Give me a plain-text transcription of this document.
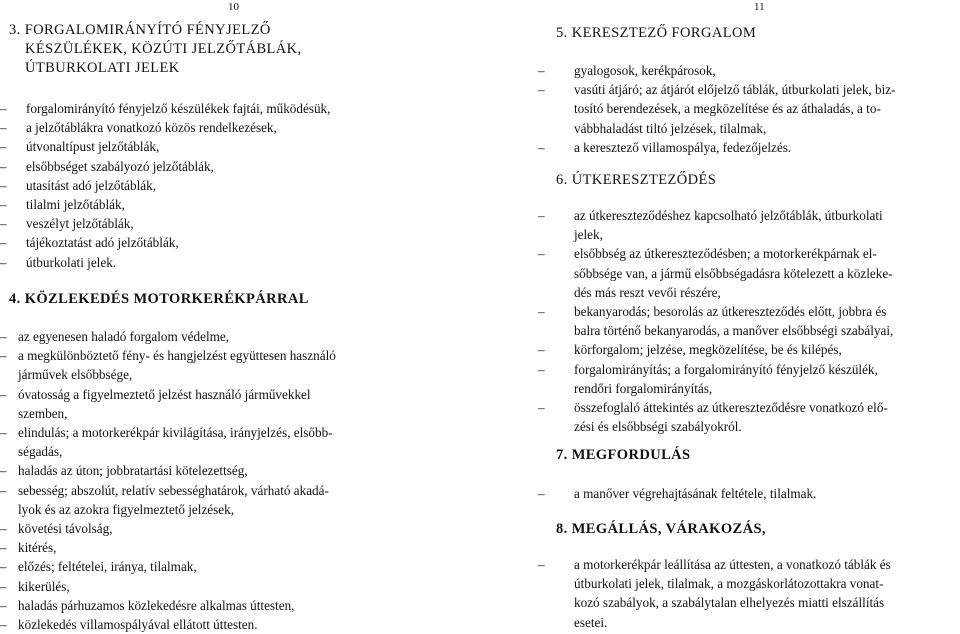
10
3. FORGALOMIRÁNYÍTÓ FÉNYJELZŐ
KÉSZÜLÉKEK, KÖZÚTI JELZŐTÁBLÁK,
ÚTBURKOLATI JELEK
– forgalomirányító fényjelző készülékek fajtái, működésük,
– a jelzőtáblákra vonatkozó közös rendelkezések,
– útvonaltípust jelzőtáblák,
– elsőbbséget szabályozó jelzőtáblák,
– utasítást adó jelzőtáblák,
– tilalmi jelzőtáblák,
– veszélyt jelzőtáblák,
– tájékoztatást adó jelzőtáblák,
– útburkolati jelek.
4. KÖZLEKEDÉS MOTORKERÉKPÁRRAL
– az egyenesen haladó forgalom védelme,
– a megkülönböztető fény- és hangjelzést együttesen használó
járművek elsőbbsége,
– óvatosság a figyelmeztető jelzést használó járművekkel
szemben,
– elindulás; a motorkerékpár kivilágítása, irányjelzés, elsőbb-
ségadás,
– haladás az úton; jobbratartási kötelezettség,
– sebesség; abszolút, relatív sebességhatárok, várható akadá-
lyok és az azokra figyelmeztető jelzések,
– követési távolság,
– kitérés,
– előzés; feltételei, iránya, tilalmak,
– kikerülés,
– haladás párhuzamos közlekedésre alkalmas úttesten,
– közlekedés villamospályával ellátott úttesten.
11
5. KERESZTEZŐ FORGALOM
– gyalogosok, kerékpárosok,
– vasúti átjáró; az átjárót előjelző táblák, útburkolati jelek, biz-
tosító berendezések, a megközelítése és az áthaladás, a to-
vábbhaladást tiltó jelzések, tilalmak,
– a keresztező villamospálya, fedezőjelzés.
6. ÚTKERESZTEZŐDÉS
– az útkereszteződéshez kapcsolható jelzőtáblák, útburkolati
jelek,
– elsőbbség az útkereszteződésben; a motorkerékpárnak el-
sőbbsége van, a jármű elsőbbségadásra kötelezett a közleke-
dés más reszt vevői részére,
– bekanyarodás; besorolás az útkereszteződés előtt, jobbra és
balra történő bekanyarodás, a manőver elsőbbségi szabályai,
– körforgalom; jelzése, megközelítése, be és kilépés,
– forgalomirányítás; a forgalomirányító fényjelző készülék,
rendőri forgalomirányítás,
– összefoglaló áttekintés az útkereszteződésre vonatkozó elő-
zési és elsőbbségi szabályokról.
7. MEGFORDULÁS
– a manőver végrehajtásának feltétele, tilalmak.
8. MEGÁLLÁS, VÁRAKOZÁS,
– a motorkerékpár leállítása az úttesten, a vonatkozó táblák és
útburkolati jelek, tilalmak, a mozgáskorlátozottakra vonat-
kozó szabályok, a szabálytalan elhelyezés miatti elszállítás
esetei.
